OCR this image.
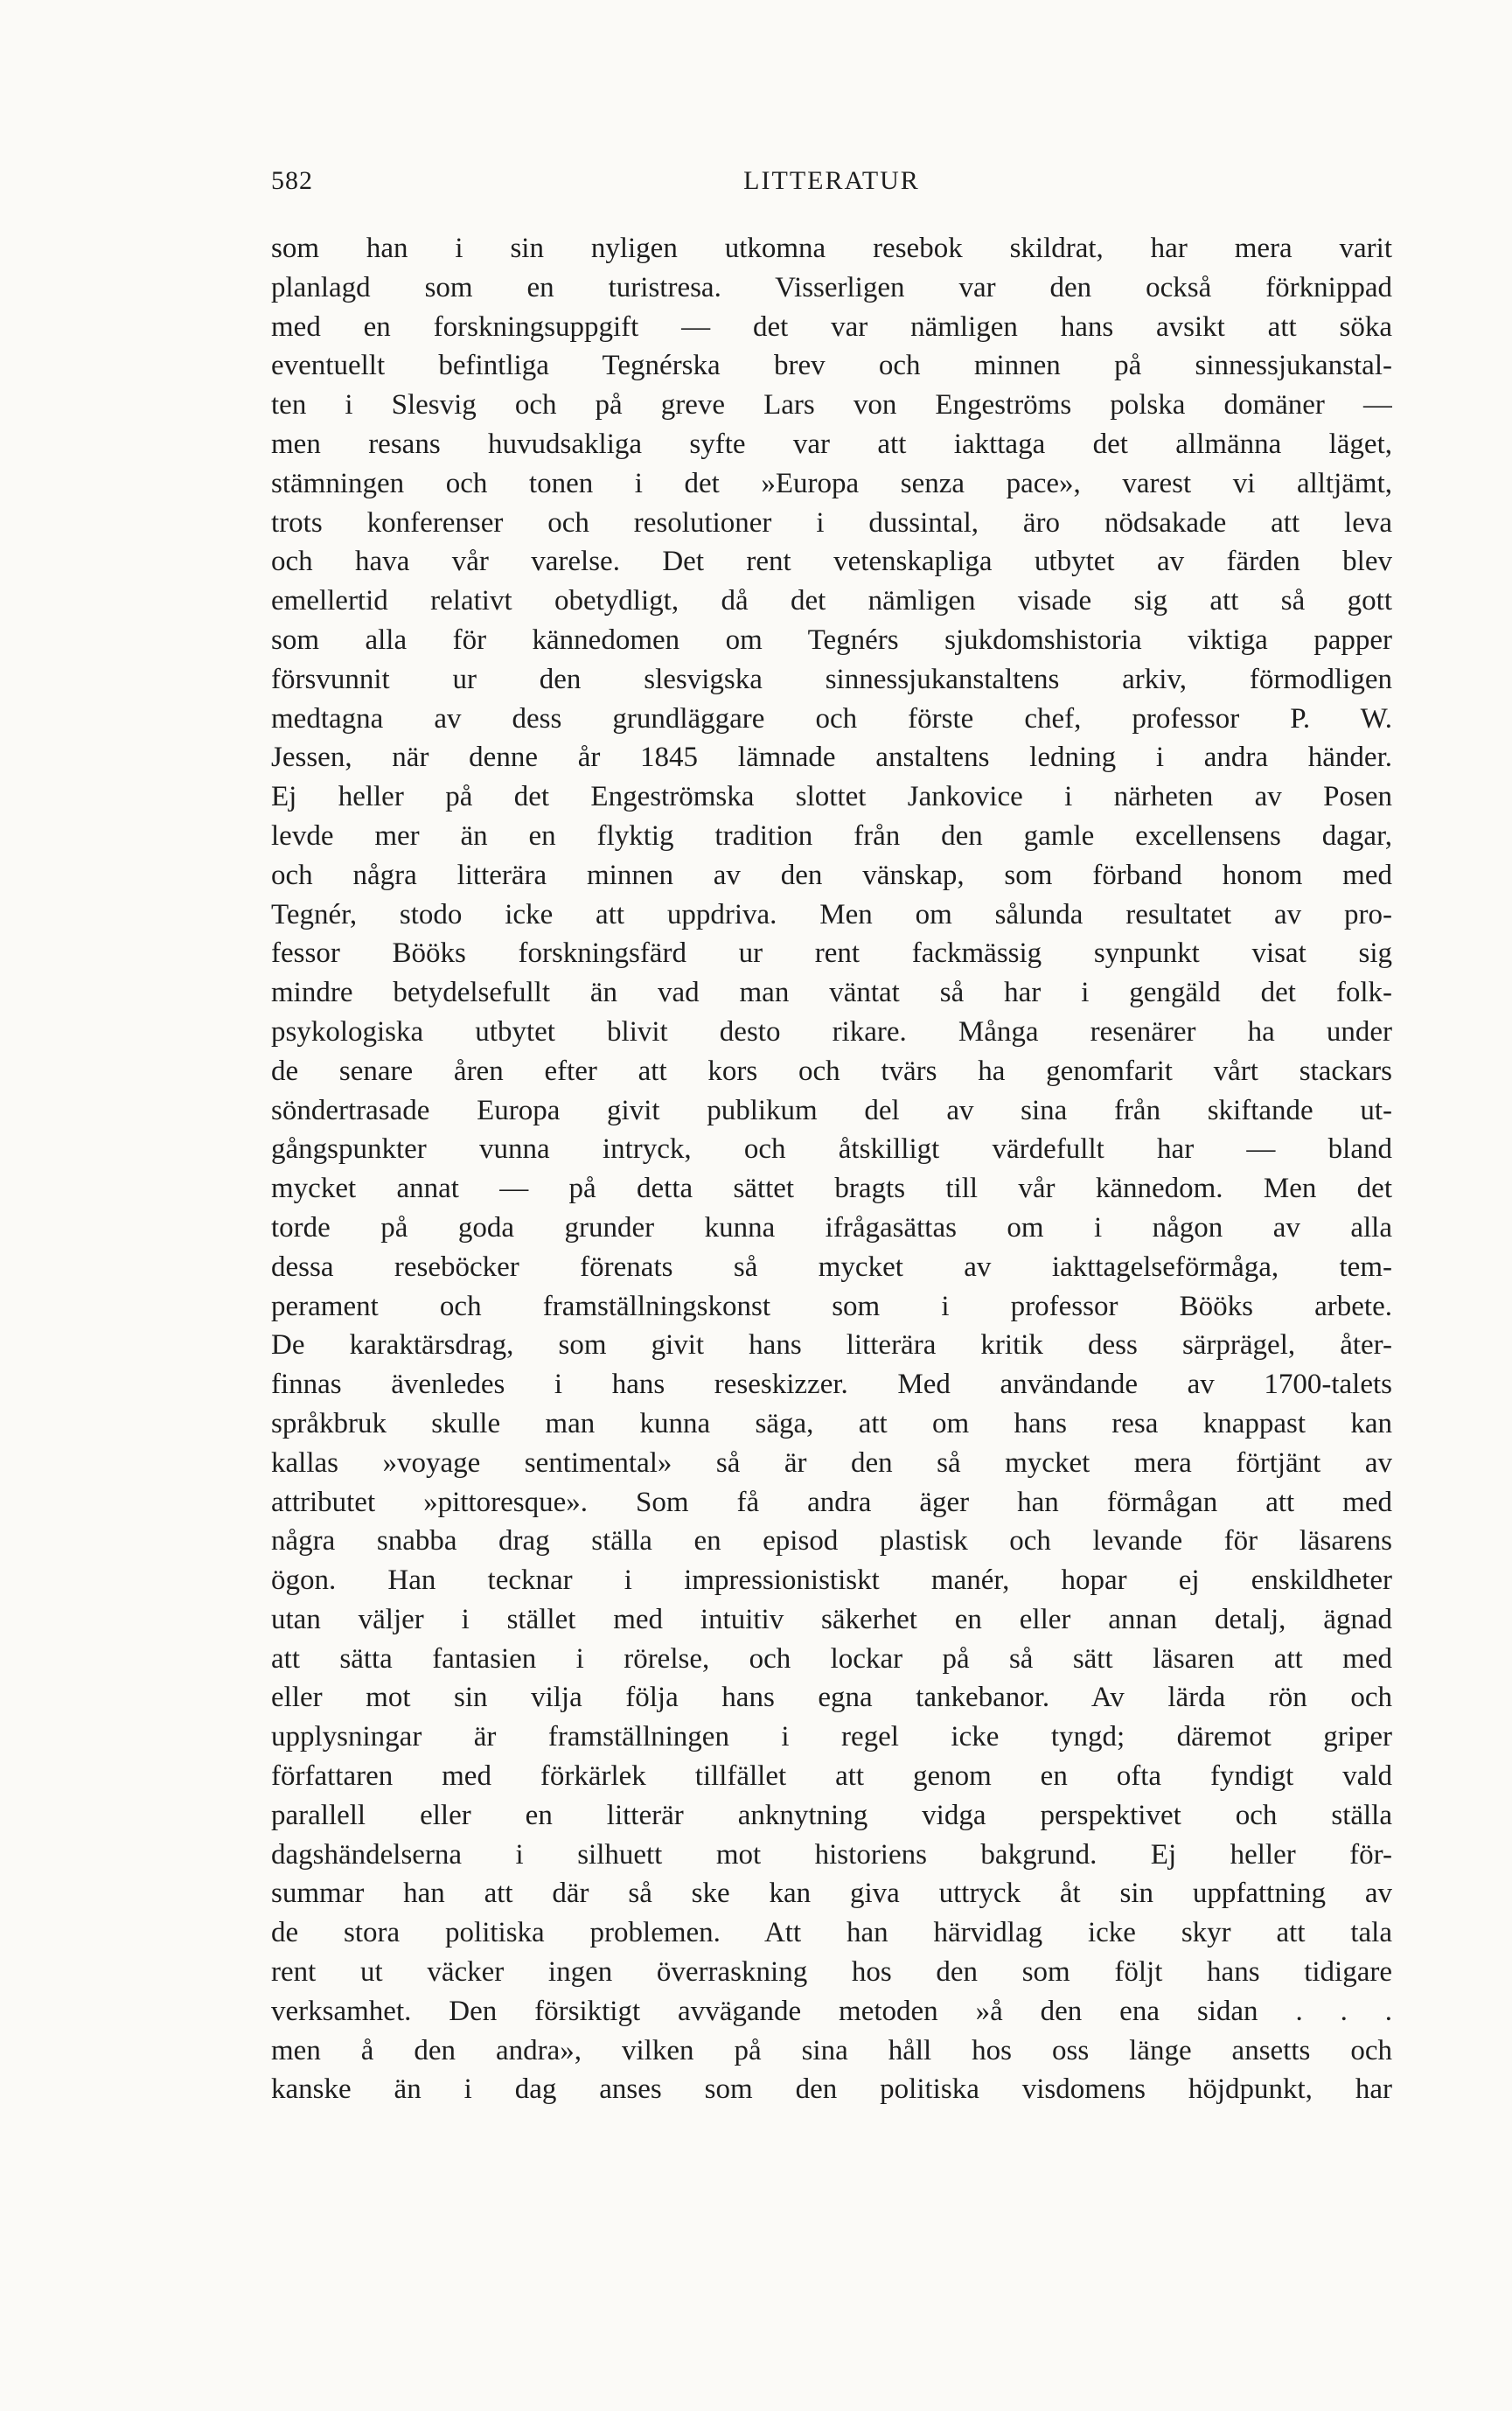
582	LITTERATUR
som han i sin nyligen utkomna resebok skildrat, har mera varit
planlagd som en turistresa. Visserligen var den också förknippad
med en forskningsuppgift — det var nämligen hans avsikt att söka
eventuellt befintliga Tegnérska brev och minnen på sinnessjukanstal-
ten i Slesvig och på greve Lars von Engeströms polska domäner —
men resans huvudsakliga syfte var att iakttaga det allmänna läget,
stämningen och tonen i det »Europa senza pace», varest vi alltjämt,
trots konferenser och resolutioner i dussintal, äro nödsakade att leva
och hava vår varelse. Det rent vetenskapliga utbytet av färden blev
emellertid relativt obetydligt, då det nämligen visade sig att så gott
som alla för kännedomen om Tegnérs sjukdomshistoria viktiga papper
försvunnit ur den slesvigska sinnessjukanstaltens arkiv, förmodligen
medtagna av dess grundläggare och förste chef, professor P. W.
Jessen, när denne år 1845 lämnade anstaltens ledning i andra händer.
Ej heller på det Engeströmska slottet Jankovice i närheten av Posen
levde mer än en flyktig tradition från den gamle excellensens dagar,
och några litterära minnen av den vänskap, som förband honom med
Tegnér, stodo icke att uppdriva. Men om sålunda resultatet av pro-
fessor Bööks forskningsfärd ur rent fackmässig synpunkt visat sig
mindre betydelsefullt än vad man väntat så har i gengäld det folk-
psykologiska utbytet blivit desto rikare. Många resenärer ha under
de senare åren efter att kors och tvärs ha genomfarit vårt stackars
söndertrasade Europa givit publikum del av sina från skiftande ut-
gångspunkter vunna intryck, och åtskilligt värdefullt har — bland
mycket annat — på detta sättet bragts till vår kännedom. Men det
torde på goda grunder kunna ifrågasättas om i någon av alla
dessa reseböcker förenats så mycket av iakttagelseförmåga, tem-
perament och framställningskonst som i professor Bööks arbete.
De karaktärsdrag, som givit hans litterära kritik dess särprägel, åter-
finnas ävenledes i hans reseskizzer. Med användande av 1700-talets
språkbruk skulle man kunna säga, att om hans resa knappast kan
kallas »voyage sentimental» så är den så mycket mera förtjänt av
attributet »pittoresque». Som få andra äger han förmågan att med
några snabba drag ställa en episod plastisk och levande för läsarens
ögon. Han tecknar i impressionistiskt manér, hopar ej enskildheter
utan väljer i stället med intuitiv säkerhet en eller annan detalj, ägnad
att sätta fantasien i rörelse, och lockar på så sätt läsaren att med
eller mot sin vilja följa hans egna tankebanor. Av lärda rön och
upplysningar är framställningen i regel icke tyngd; däremot griper
författaren med förkärlek tillfället att genom en ofta fyndigt vald
parallell eller en litterär anknytning vidga perspektivet och ställa
dagshändelserna i silhuett mot historiens bakgrund. Ej heller för-
summar han att där så ske kan giva uttryck åt sin uppfattning av
de stora politiska problemen. Att han härvidlag icke skyr att tala
rent ut väcker ingen överraskning hos den som följt hans tidigare
verksamhet. Den försiktigt avvägande metoden »å den ena sidan . . .
men å den andra», vilken på sina håll hos oss länge ansetts och
kanske än i dag anses som den politiska visdomens höjdpunkt, har
